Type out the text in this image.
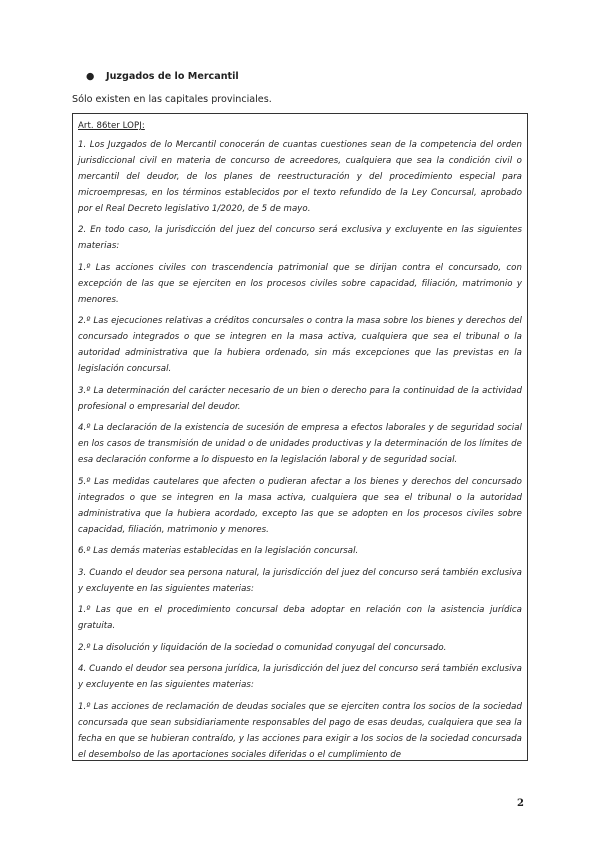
● Juzgados de lo Mercantil
Sólo existen en las capitales provinciales.

Art. 86ter LOPJ:

1. Los Juzgados de lo Mercantil conocerán de cuantas cuestiones sean de la competencia del orden jurisdiccional civil en materia de concurso de acreedores, cualquiera que sea la condición civil o mercantil del deudor, de los planes de reestructuración y del procedimiento especial para microempresas, en los términos establecidos por el texto refundido de la Ley Concursal, aprobado por el Real Decreto legislativo 1/2020, de 5 de mayo.

2. En todo caso, la jurisdicción del juez del concurso será exclusiva y excluyente en las siguientes materias:

1.º Las acciones civiles con trascendencia patrimonial que se dirijan contra el concursado, con excepción de las que se ejerciten en los procesos civiles sobre capacidad, filiación, matrimonio y menores.

2.º Las ejecuciones relativas a créditos concursales o contra la masa sobre los bienes y derechos del concursado integrados o que se integren en la masa activa, cualquiera que sea el tribunal o la autoridad administrativa que la hubiera ordenado, sin más excepciones que las previstas en la legislación concursal.

3.º La determinación del carácter necesario de un bien o derecho para la continuidad de la actividad profesional o empresarial del deudor.

4.º La declaración de la existencia de sucesión de empresa a efectos laborales y de seguridad social en los casos de transmisión de unidad o de unidades productivas y la determinación de los límites de esa declaración conforme a lo dispuesto en la legislación laboral y de seguridad social.

5.º Las medidas cautelares que afecten o pudieran afectar a los bienes y derechos del concursado integrados o que se integren en la masa activa, cualquiera que sea el tribunal o la autoridad administrativa que la hubiera acordado, excepto las que se adopten en los procesos civiles sobre capacidad, filiación, matrimonio y menores.

6.º Las demás materias establecidas en la legislación concursal.

3. Cuando el deudor sea persona natural, la jurisdicción del juez del concurso será también exclusiva y excluyente en las siguientes materias:

1.º Las que en el procedimiento concursal deba adoptar en relación con la asistencia jurídica gratuita.

2.º La disolución y liquidación de la sociedad o comunidad conyugal del concursado.

4. Cuando el deudor sea persona jurídica, la jurisdicción del juez del concurso será también exclusiva y excluyente en las siguientes materias:

1.º Las acciones de reclamación de deudas sociales que se ejerciten contra los socios de la sociedad concursada que sean subsidiariamente responsables del pago de esas deudas, cualquiera que sea la fecha en que se hubieran contraído, y las acciones para exigir a los socios de la sociedad concursada el desembolso de las aportaciones sociales diferidas o el cumplimiento de

2
